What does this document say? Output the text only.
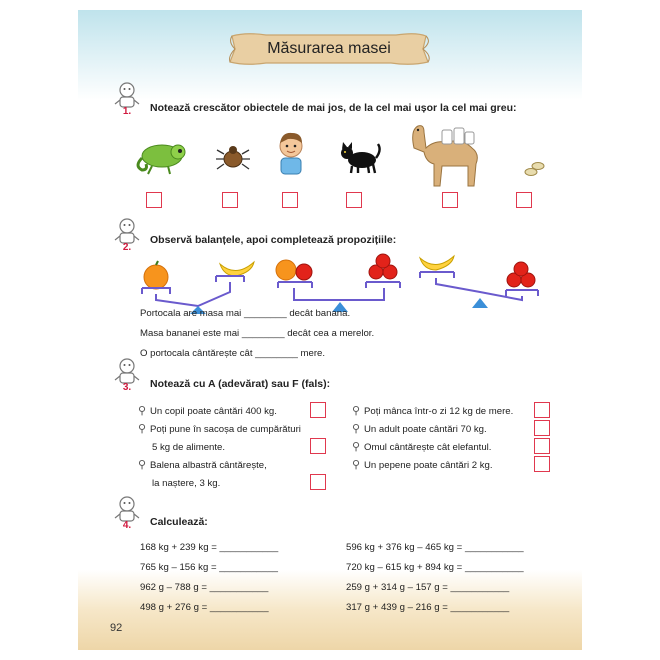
Măsurarea masei
1.	Notează crescător obiectele de mai jos, de la cel mai ușor la cel mai greu:
2.
Observă balanțele, apoi completează propozițiile:
Portocala are masa mai ________ decât banana.
Masa bananei este mai ________ decât cea a merelor.
O portocala cântărește cât ________ mere.
3.	Notează cu A (adevărat) sau F (fals):
⚲ Un copil poate cântări 400 kg.
⚲ Poți pune în sacoșa de cumpărături
5 kg de alimente.
⚲ Balena albastră cântărește,
la naștere, 3 kg.
⚲ Poți mânca într-o zi 12 kg de mere.
⚲ Un adult poate cântări 70 kg.
⚲ Omul cântărește cât elefantul.
⚲ Un pepene poate cântări 2 kg.
4.	Calculează:
168 kg + 239 kg = ___________
765 kg – 156 kg = ___________
962 g – 788 g = ___________
498 g + 276 g = ___________
596 kg + 376 kg – 465 kg = ___________
720 kg – 615 kg + 894 kg = ___________
259 g + 314 g – 157 g = ___________
317 g + 439 g – 216 g = ___________
92
